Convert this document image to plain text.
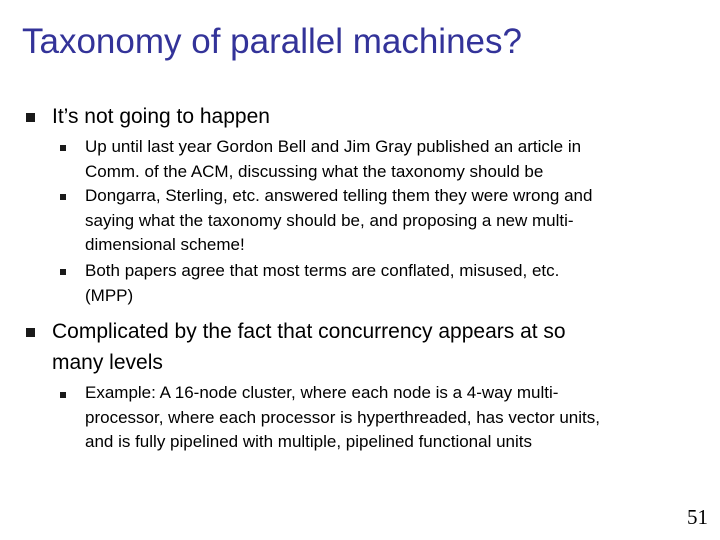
Taxonomy of parallel machines?
It’s not going to happen
Up until last year Gordon Bell and Jim Gray published an article in
Comm. of the ACM, discussing what the taxonomy should be
Dongarra, Sterling, etc. answered telling them they were wrong and
saying what the taxonomy should be, and proposing a new multi-
dimensional scheme!
Both papers agree that most terms are conflated, misused, etc.
(MPP)
Complicated by the fact that concurrency appears at so
many levels
Example: A 16-node cluster, where each node is a 4-way multi-
processor, where each processor is hyperthreaded, has vector units,
and is fully pipelined with multiple, pipelined functional units
51
